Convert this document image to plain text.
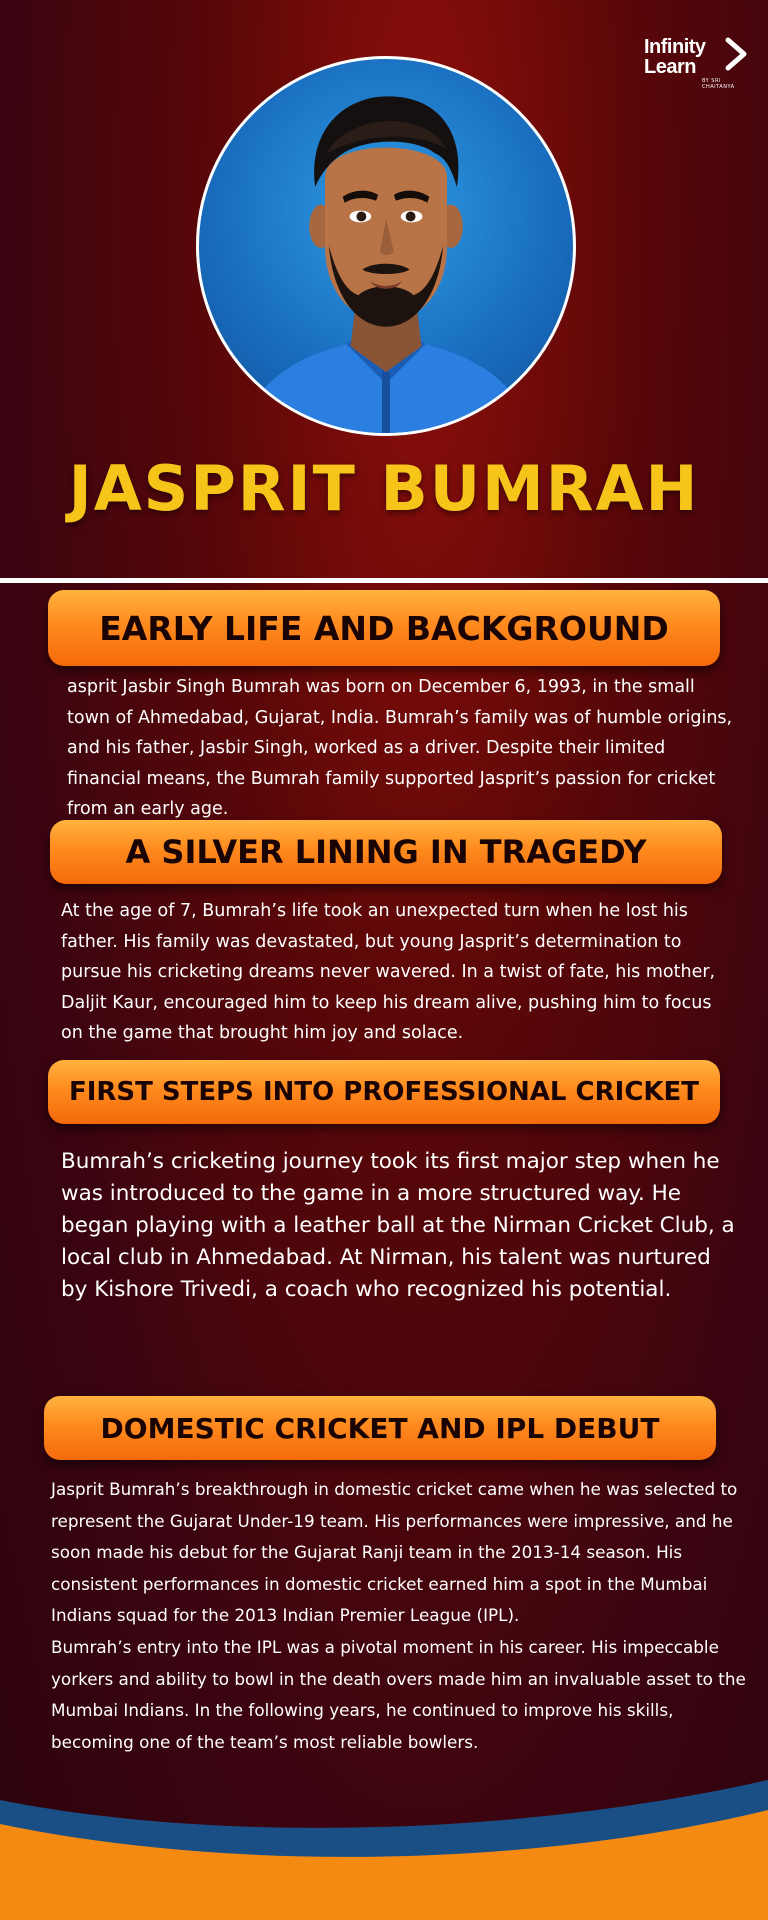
Infinity
Learn
BY SRI CHAITANYA
JASPRIT BUMRAH
EARLY LIFE AND BACKGROUND
asprit Jasbir Singh Bumrah was born on December 6, 1993, in the small town of Ahmedabad, Gujarat, India. Bumrah’s family was of humble origins, and his father, Jasbir Singh, worked as a driver. Despite their limited financial means, the Bumrah family supported Jasprit’s passion for cricket from an early age.
A SILVER LINING IN TRAGEDY
At the age of 7, Bumrah’s life took an unexpected turn when he lost his father. His family was devastated, but young Jasprit’s determination to pursue his cricketing dreams never wavered. In a twist of fate, his mother, Daljit Kaur, encouraged him to keep his dream alive, pushing him to focus on the game that brought him joy and solace.
FIRST STEPS INTO PROFESSIONAL CRICKET
Bumrah’s cricketing journey took its first major step when he was introduced to the game in a more structured way. He began playing with a leather ball at the Nirman Cricket Club, a local club in Ahmedabad. At Nirman, his talent was nurtured by Kishore Trivedi, a coach who recognized his potential.
DOMESTIC CRICKET AND IPL DEBUT

Jasprit Bumrah’s breakthrough in domestic cricket came when he was selected to represent the Gujarat Under-19 team. His performances were impressive, and he soon made his debut for the Gujarat Ranji team in the 2013-14 season. His consistent performances in domestic cricket earned him a spot in the Mumbai Indians squad for the 2013 Indian Premier League (IPL).

Bumrah’s entry into the IPL was a pivotal moment in his career. His impeccable yorkers and ability to bowl in the death overs made him an invaluable asset to the Mumbai Indians. In the following years, he continued to improve his skills, becoming one of the team’s most reliable bowlers.
